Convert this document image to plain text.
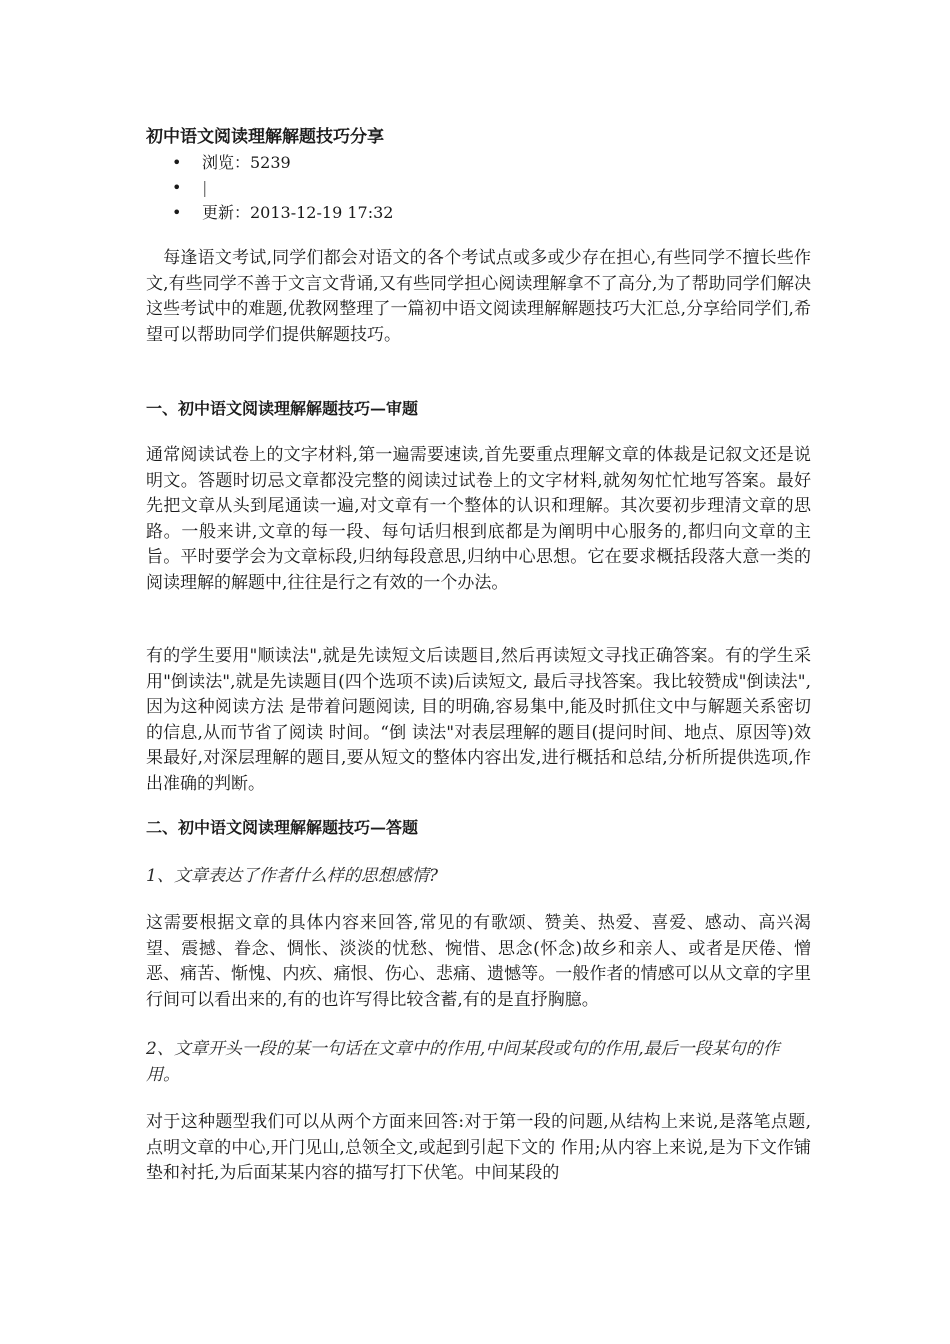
初中语文阅读理解解题技巧分享
• 浏览：5239
• |
• 更新：2013-12-19 17:32

　每逢语文考试,同学们都会对语文的各个考试点或多或少存在担心,有些同学不擅长些作文,有些同学不善于文言文背诵,又有些同学担心阅读理解拿不了高分,为了帮助同学们解决这些考试中的难题,优教网整理了一篇初中语文阅读理解解题技巧大汇总,分享给同学们,希望可以帮助同学们提供解题技巧。

一、初中语文阅读理解解题技巧—审题

通常阅读试卷上的文字材料,第一遍需要速读,首先要重点理解文章的体裁是记叙文还是说明文。答题时切忌文章都没完整的阅读过试卷上的文字材料,就匆匆忙忙地写答案。最好先把文章从头到尾通读一遍,对文章有一个整体的认识和理解。其次要初步理清文章的思路。一般来讲,文章的每一段、每句话归根到底都是为阐明中心服务的,都归向文章的主旨。平时要学会为文章标段,归纳每段意思,归纳中心思想。它在要求概括段落大意一类的阅读理解的解题中,往往是行之有效的一个办法。

有的学生要用"顺读法",就是先读短文后读题目,然后再读短文寻找正确答案。有的学生采用"倒读法",就是先读题目(四个选项不读)后读短文, 最后寻找答案。我比较赞成"倒读法",因为这种阅读方法 是带着问题阅读, 目的明确,容易集中,能及时抓住文中与解题关系密切的信息,从而节省了阅读 时间。“倒 读法"对表层理解的题目(提问时间、地点、原因等)效果最好,对深层理解的题目,要从短文的整体内容出发,进行概括和总结,分析所提供选项,作出准确的判断。

二、初中语文阅读理解解题技巧—答题

1、文章表达了作者什么样的思想感情?

这需要根据文章的具体内容来回答,常见的有歌颂、赞美、热爱、喜爱、感动、高兴渴望、震撼、眷念、惆怅、淡淡的忧愁、惋惜、思念(怀念)故乡和亲人、或者是厌倦、憎恶、痛苦、惭愧、内疚、痛恨、伤心、悲痛、遗憾等。一般作者的情感可以从文章的字里行间可以看出来的,有的也许写得比较含蓄,有的是直抒胸臆。

2、文章开头一段的某一句话在文章中的作用,中间某段或句的作用,最后一段某句的作用。

对于这种题型我们可以从两个方面来回答:对于第一段的问题,从结构上来说,是落笔点题,点明文章的中心,开门见山,总领全文,或起到引起下文的 作用;从内容上来说,是为下文作铺垫和衬托,为后面某某内容的描写打下伏笔。中间某段的
